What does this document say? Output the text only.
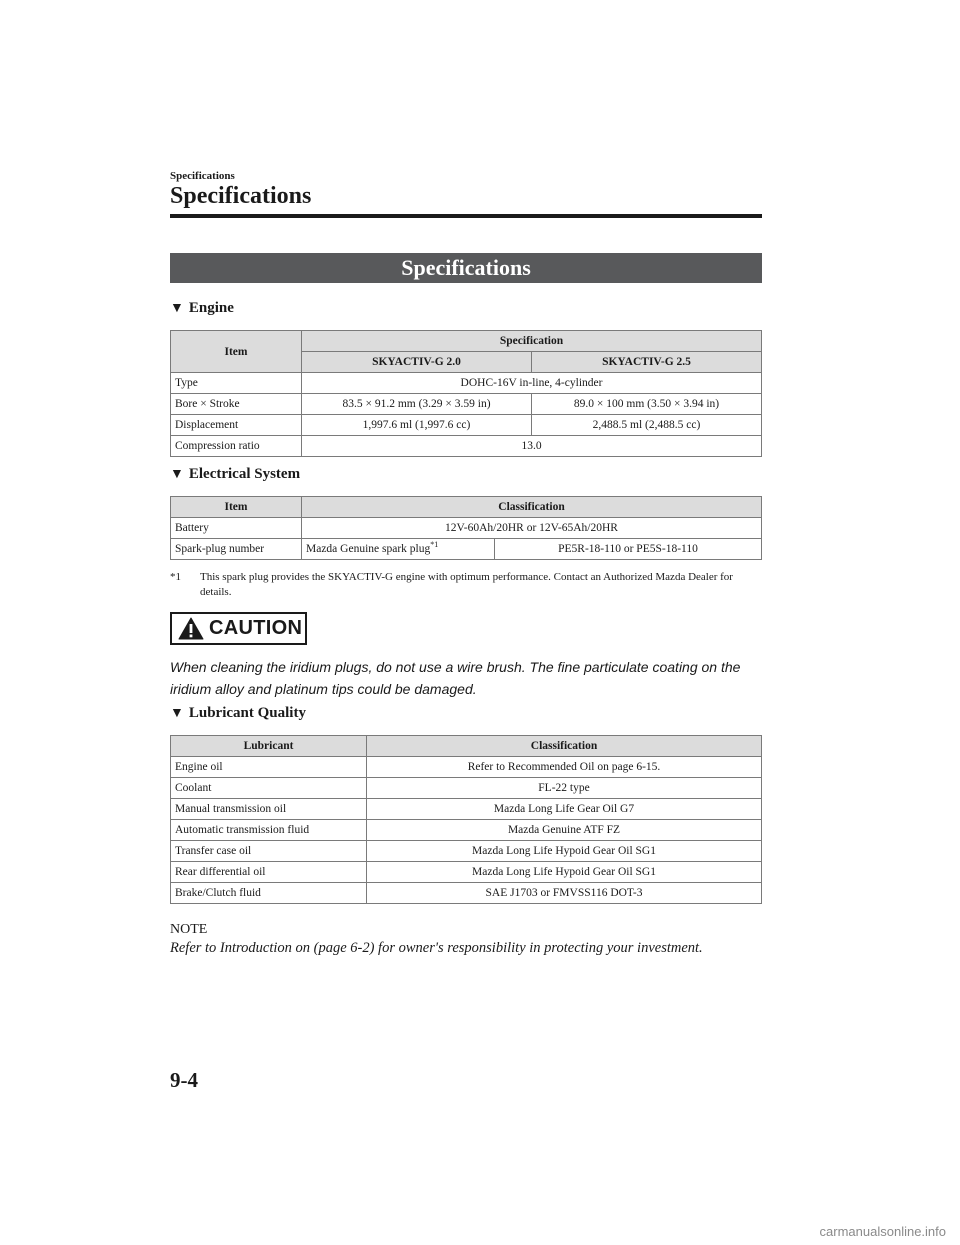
Specifications
Specifications
Specifications
▼ Engine
Item	Specification	
	SKYACTIV-G 2.0	SKYACTIV-G 2.5
Type	DOHC-16V in-line, 4-cylinder	
Bore × Stroke	83.5 × 91.2 mm (3.29 × 3.59 in)	89.0 × 100 mm (3.50 × 3.94 in)
Displacement	1,997.6 ml (1,997.6 cc)	2,488.5 ml (2,488.5 cc)
Compression ratio	13.0	
▼ Electrical System
Item	Classification	
Battery	12V-60Ah/20HR or 12V-65Ah/20HR	
Spark-plug number	Mazda Genuine spark plug$^{*1}$	PE5R-18-110 or PE5S-18-110
*1	This spark plug provides the SKYACTIV-G engine with optimum performance. Contact an Authorized Mazda Dealer for details.
CAUTION
When cleaning the iridium plugs, do not use a wire brush. The fine particulate coating on the iridium alloy and platinum tips could be damaged.
▼ Lubricant Quality
Lubricant	Classification
Engine oil	Refer to Recommended Oil on page 6-15.
Coolant	FL-22 type
Manual transmission oil	Mazda Long Life Gear Oil G7
Automatic transmission fluid	Mazda Genuine ATF FZ
Transfer case oil	Mazda Long Life Hypoid Gear Oil SG1
Rear differential oil	Mazda Long Life Hypoid Gear Oil SG1
Brake/Clutch fluid	SAE J1703 or FMVSS116 DOT-3
NOTE
Refer to Introduction on (page 6-2) for owner's responsibility in protecting your investment.
9-4
carmanualsonline.info
